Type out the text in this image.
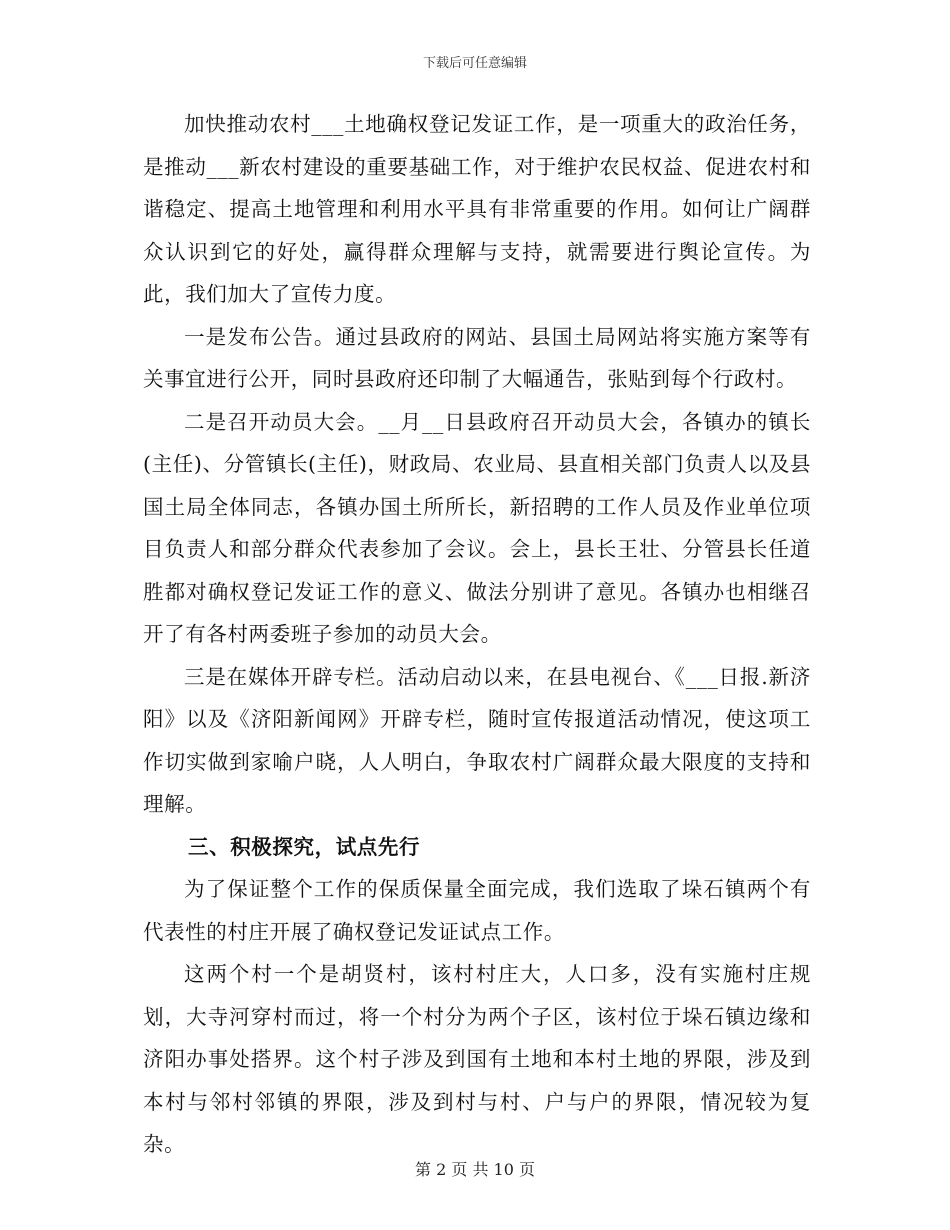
下载后可任意编辑

加快推动农村___土地确权登记发证工作，是一项重大的政治任务，是推动___新农村建设的重要基础工作，对于维护农民权益、促进农村和谐稳定、提高土地管理和利用水平具有非常重要的作用。如何让广阔群众认识到它的好处，赢得群众理解与支持，就需要进行舆论宣传。为此，我们加大了宣传力度。

一是发布公告。通过县政府的网站、县国土局网站将实施方案等有关事宜进行公开，同时县政府还印制了大幅通告，张贴到每个行政村。

二是召开动员大会。__月__日县政府召开动员大会，各镇办的镇长(主任)、分管镇长(主任)，财政局、农业局、县直相关部门负责人以及县国土局全体同志，各镇办国土所所长，新招聘的工作人员及作业单位项目负责人和部分群众代表参加了会议。会上，县长王壮、分管县长任道胜都对确权登记发证工作的意义、做法分别讲了意见。各镇办也相继召开了有各村两委班子参加的动员大会。

三是在媒体开辟专栏。活动启动以来，在县电视台、《___日报.新济阳》以及《济阳新闻网》开辟专栏，随时宣传报道活动情况，使这项工作切实做到家喻户晓，人人明白，争取农村广阔群众最大限度的支持和理解。

三、积极探究，试点先行

为了保证整个工作的保质保量全面完成，我们选取了垛石镇两个有代表性的村庄开展了确权登记发证试点工作。

这两个村一个是胡贤村，该村村庄大，人口多，没有实施村庄规划，大寺河穿村而过，将一个村分为两个子区，该村位于垛石镇边缘和济阳办事处搭界。这个村子涉及到国有土地和本村土地的界限，涉及到本村与邻村邻镇的界限，涉及到村与村、户与户的界限，情况较为复杂。

第 2 页 共 10 页
